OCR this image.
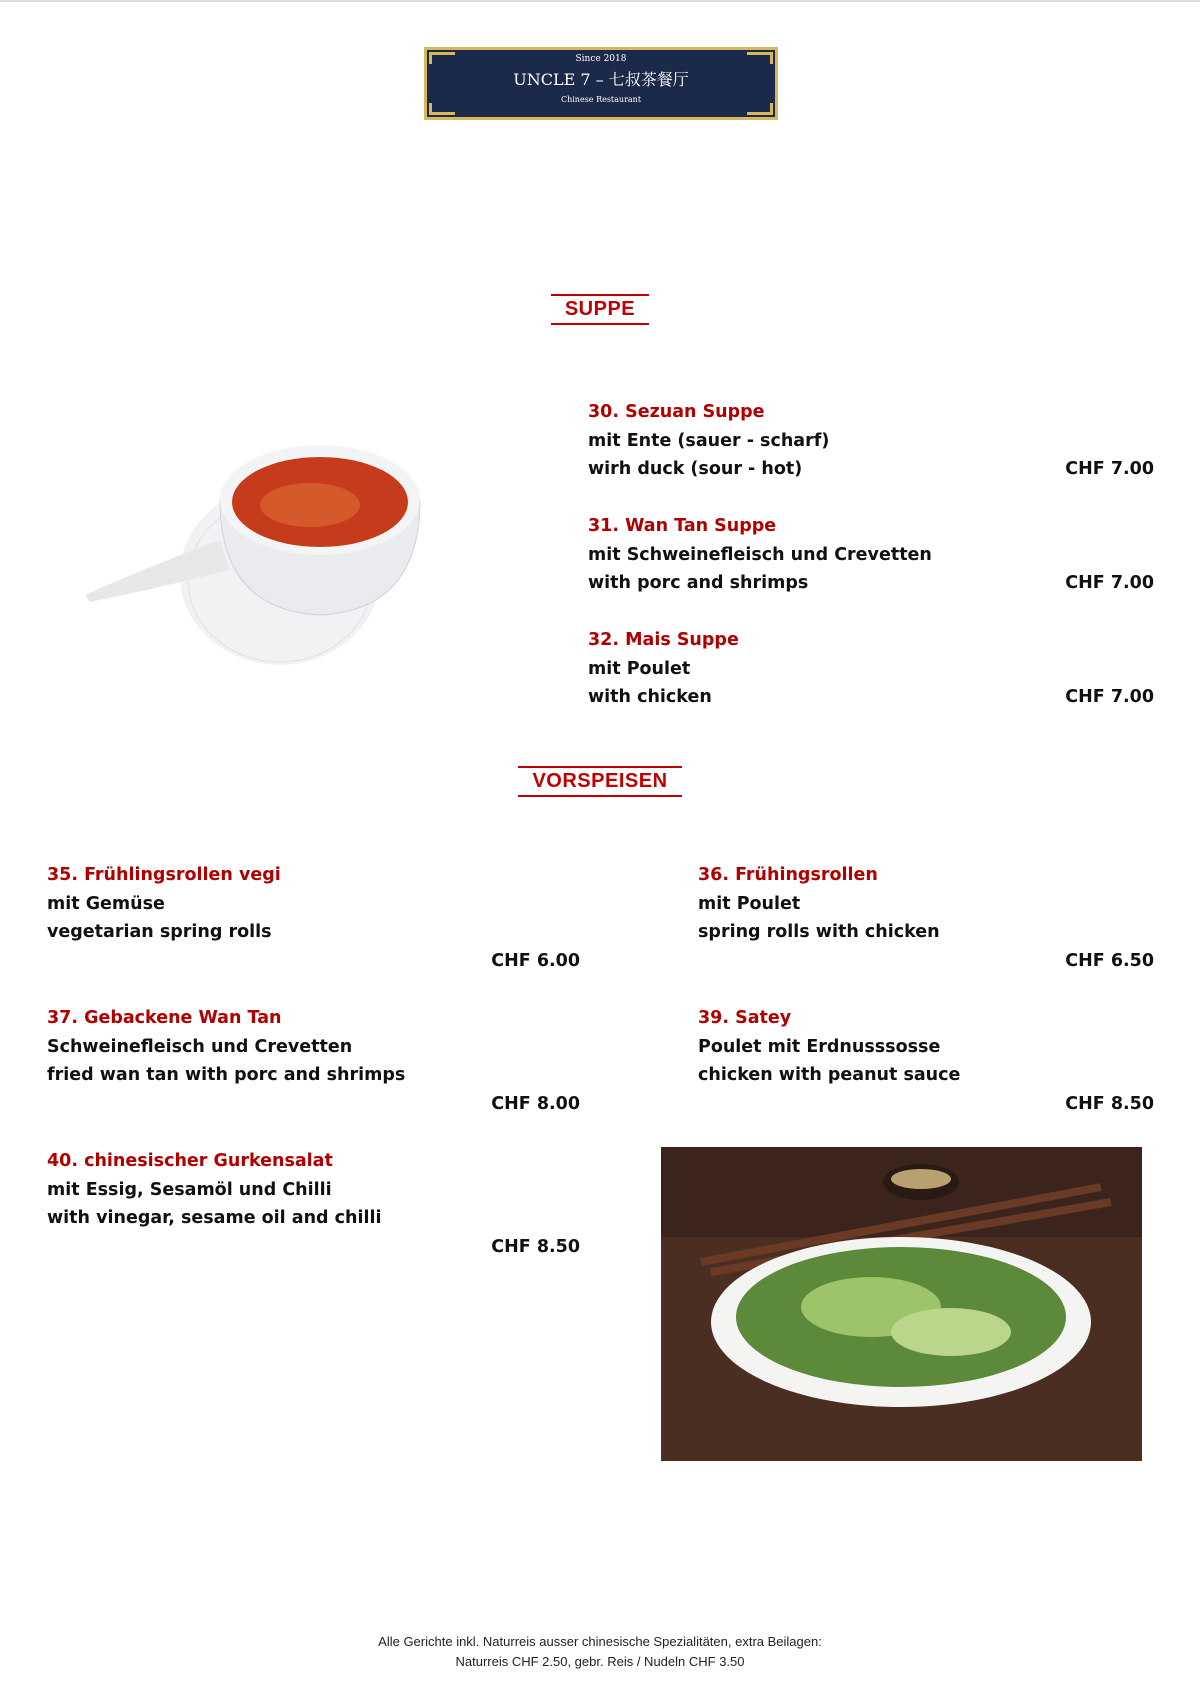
Since 2018
UNCLE 7 – 七叔茶餐厅
Chinese Restaurant
SUPPE
30. Sezuan Suppe
mit Ente (sauer - scharf)
wirh duck (sour - hot)	CHF 7.00
31. Wan Tan Suppe
mit Schweinefleisch und Crevetten
with porc and shrimps	CHF 7.00
32. Mais Suppe
mit Poulet
with chicken	CHF 7.00
VORSPEISEN
35. Frühlingsrollen vegi
mit Gemüse
vegetarian spring rolls
CHF 6.00
36. Frühingsrollen
mit Poulet
spring rolls with chicken
CHF 6.50
37. Gebackene Wan Tan
Schweinefleisch und Crevetten
fried wan tan with porc and shrimps
CHF 8.00
39. Satey
Poulet mit Erdnusssosse
chicken with peanut sauce
CHF 8.50
40. chinesischer Gurkensalat
mit Essig, Sesamöl und Chilli
with vinegar, sesame oil and chilli
CHF 8.50
Alle Gerichte inkl. Naturreis ausser chinesische Spezialitäten, extra Beilagen:
Naturreis CHF 2.50, gebr. Reis / Nudeln CHF 3.50
